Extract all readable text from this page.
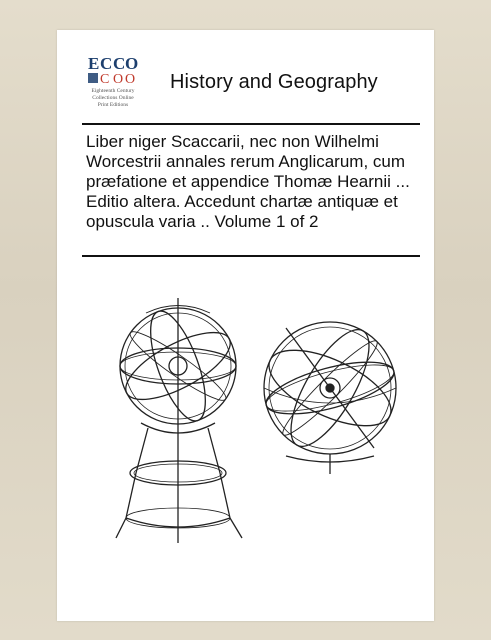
E C C O
C O O
Eighteenth Century
Collections Online
Print Editions
History and Geography
Liber niger Scaccarii, nec non Wilhelmi Worcestrii annales rerum Anglicarum, cum præfatione et appendice Thomæ Hearnii ... Editio altera. Accedunt chartæ antiquæ et opuscula varia .. Volume 1 of 2
